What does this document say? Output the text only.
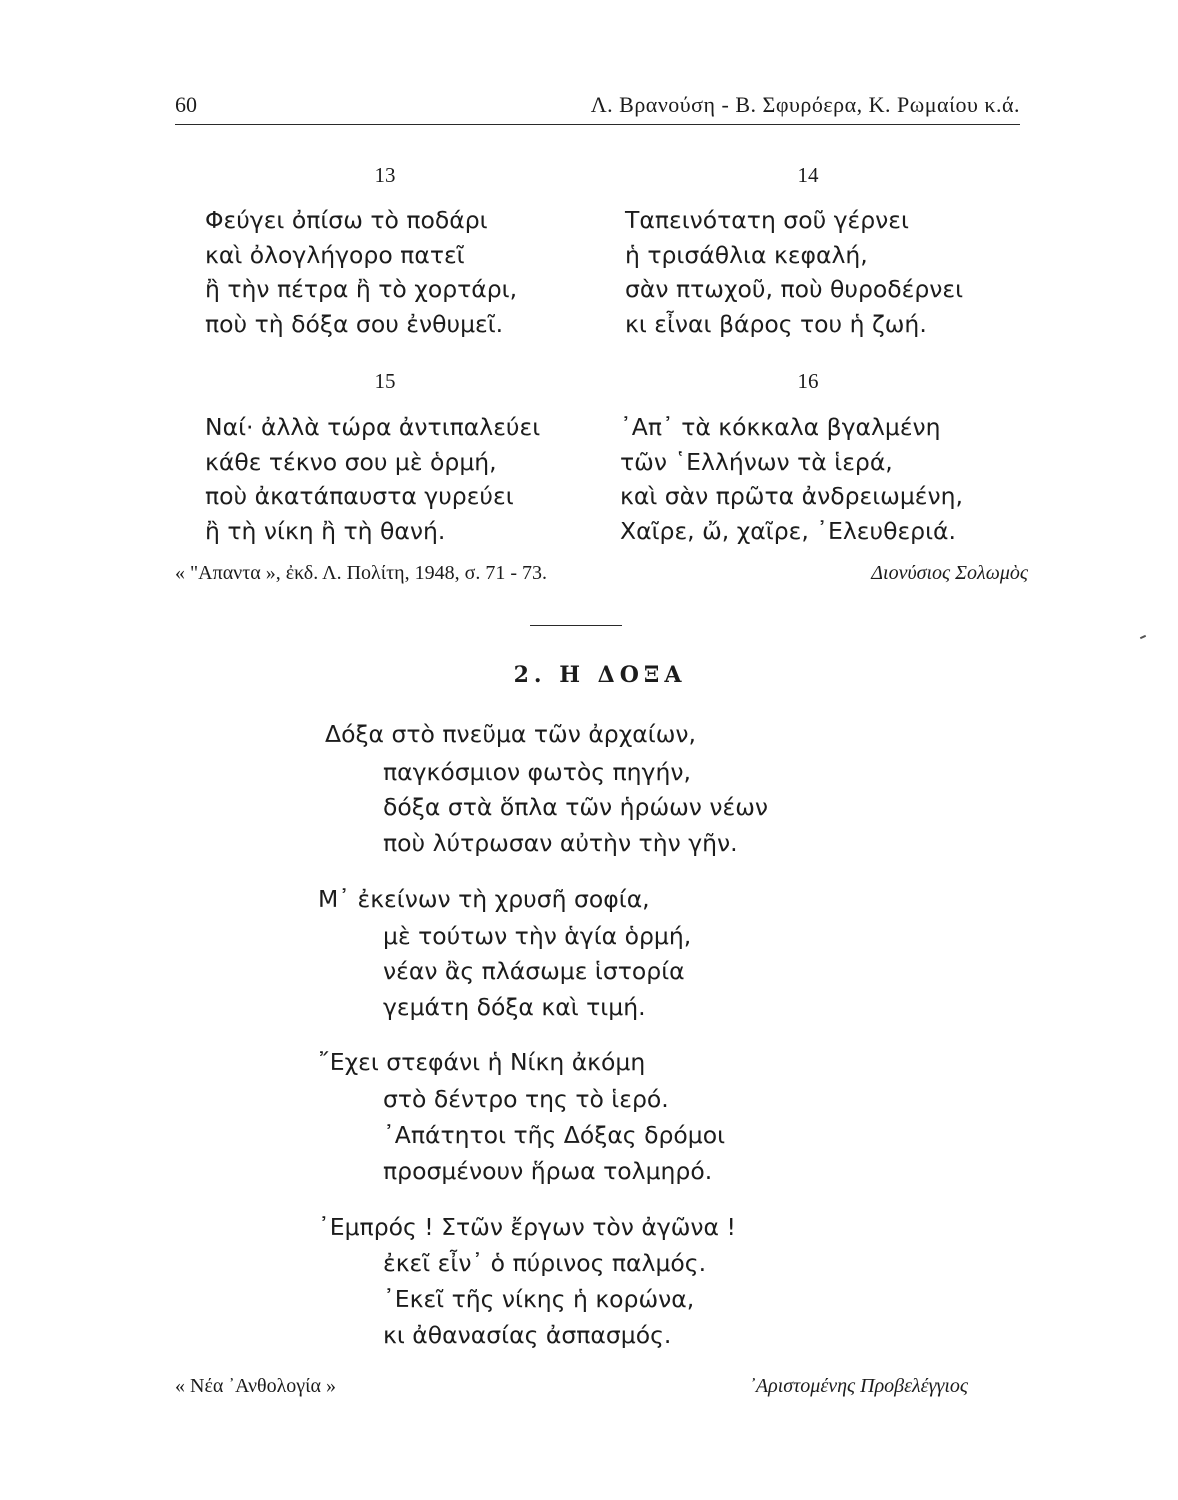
60	Λ. Βρανούση - Β. Σφυρόερα, Κ. Ρωμαίου κ.ά.
13
Φεύγει ὀπίσω τὸ ποδάρι
καὶ ὀλογλήγορο πατεῖ
ἢ τὴν πέτρα ἢ τὸ χορτάρι,
ποὺ τὴ δόξα σου ἐνθυμεῖ.
14
Ταπεινότατη σοῦ γέρνει
ἡ τρισάθλια κεφαλή,
σὰν πτωχοῦ, ποὺ θυροδέρνει
κι εἶναι βάρος του ἡ ζωή.
15
Ναί· ἀλλὰ τώρα ἀντιπαλεύει
κάθε τέκνο σου μὲ ὁρμή,
ποὺ ἀκατάπαυστα γυρεύει
ἢ τὴ νίκη ἢ τὴ θανή.
16
᾿Απ᾿ τὰ κόκκαλα βγαλμένη
τῶν ῾Ελλήνων τὰ ἱερά,
καὶ σὰν πρῶτα ἀνδρειωμένη,
Χαῖρε, ὤ, χαῖρε, ᾿Ελευθεριά.
« "Απαντα », ἐκδ. Λ. Πολίτη, 1948, σ. 71 - 73.	Διονύσιος Σολωμὸς
2. Η ΔΟΞΑ
Δόξα στὸ πνεῦμα τῶν ἀρχαίων,
παγκόσμιον φωτὸς πηγήν,
δόξα στὰ ὅπλα τῶν ἡρώων νέων
ποὺ λύτρωσαν αὐτὴν τὴν γῆν.
Μ᾿ ἐκείνων τὴ χρυσῆ σοφία,
μὲ τούτων τὴν ἁγία ὁρμή,
νέαν ἂς πλάσωμε ἱστορία
γεμάτη δόξα καὶ τιμή.
῎Εχει στεφάνι ἡ Νίκη ἀκόμη
στὸ δέντρο της τὸ ἱερό.
᾿Απάτητοι τῆς Δόξας δρόμοι
προσμένουν ἥρωα τολμηρό.
᾿Εμπρός ! Στῶν ἔργων τὸν ἀγῶνα !
ἐκεῖ εἶν᾿ ὁ πύρινος παλμός.
᾿Εκεῖ τῆς νίκης ἡ κορώνα,
κι ἀθανασίας ἀσπασμός.
« Νέα ᾿Ανθολογία »	᾿Αριστομένης Προβελέγγιος
